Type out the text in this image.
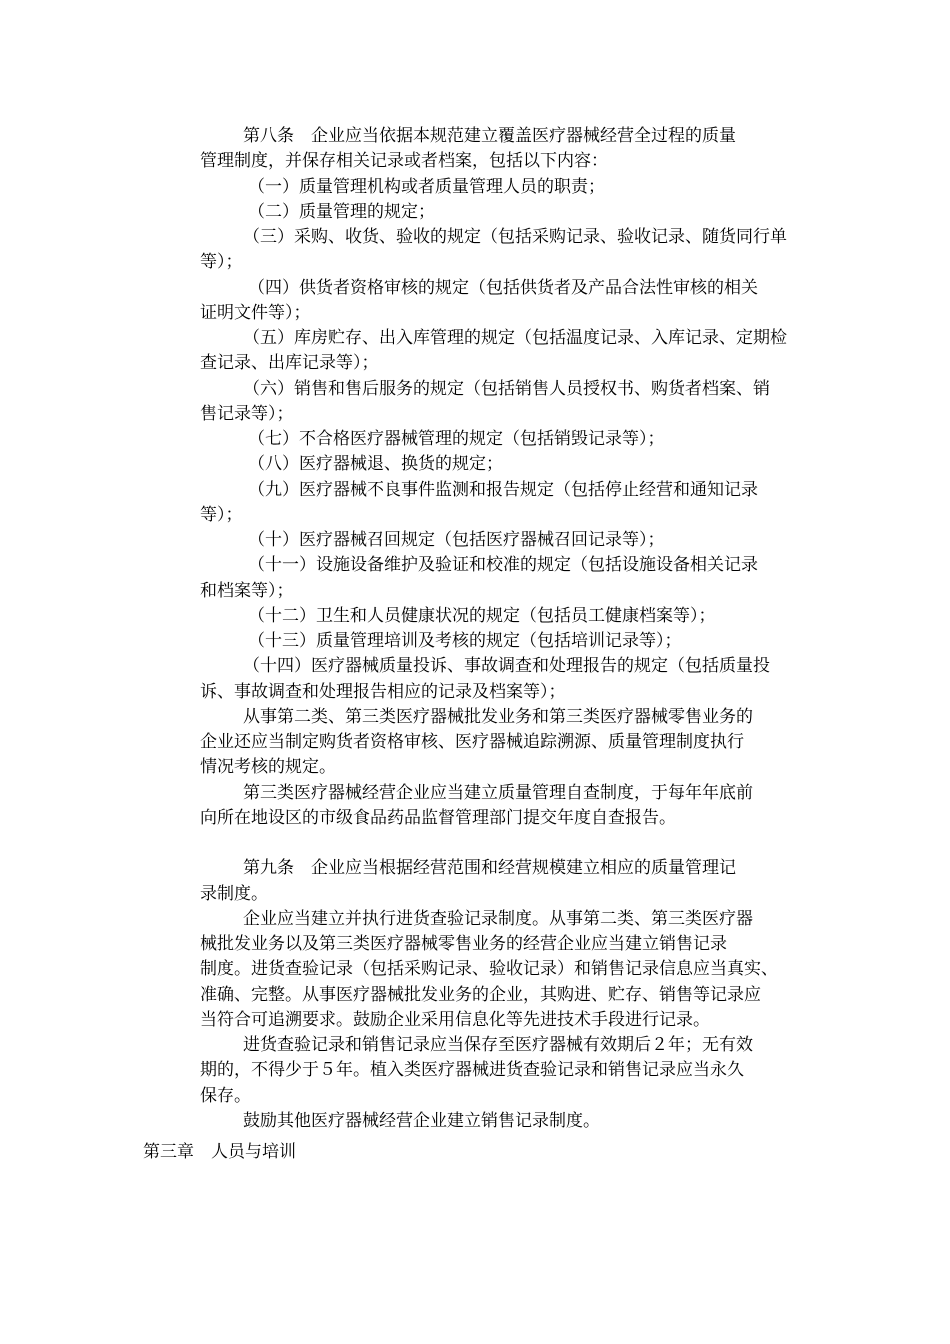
第八条　企业应当依据本规范建立覆盖医疗器械经营全过程的质量
管理制度，并保存相关记录或者档案，包括以下内容：
（一）质量管理机构或者质量管理人员的职责；
（二）质量管理的规定；
（三）采购、收货、验收的规定（包括采购记录、验收记录、随货同行单
等）；
（四）供货者资格审核的规定（包括供货者及产品合法性审核的相关
证明文件等）；
（五）库房贮存、出入库管理的规定（包括温度记录、入库记录、定期检
查记录、出库记录等）；
（六）销售和售后服务的规定（包括销售人员授权书、购货者档案、销
售记录等）；
（七）不合格医疗器械管理的规定（包括销毁记录等）；
（八）医疗器械退、换货的规定；
（九）医疗器械不良事件监测和报告规定（包括停止经营和通知记录
等）；
（十）医疗器械召回规定（包括医疗器械召回记录等）；
（十一）设施设备维护及验证和校准的规定（包括设施设备相关记录
和档案等）；
（十二）卫生和人员健康状况的规定（包括员工健康档案等）；
（十三）质量管理培训及考核的规定（包括培训记录等）；
（十四）医疗器械质量投诉、事故调查和处理报告的规定（包括质量投
诉、事故调查和处理报告相应的记录及档案等）；
从事第二类、第三类医疗器械批发业务和第三类医疗器械零售业务的
企业还应当制定购货者资格审核、医疗器械追踪溯源、质量管理制度执行
情况考核的规定。
第三类医疗器械经营企业应当建立质量管理自查制度，于每年年底前
向所在地设区的市级食品药品监督管理部门提交年度自查报告。
第九条　企业应当根据经营范围和经营规模建立相应的质量管理记
录制度。
企业应当建立并执行进货查验记录制度。从事第二类、第三类医疗器
械批发业务以及第三类医疗器械零售业务的经营企业应当建立销售记录
制度。进货查验记录（包括采购记录、验收记录）和销售记录信息应当真实、
准确、完整。从事医疗器械批发业务的企业，其购进、贮存、销售等记录应
当符合可追溯要求。鼓励企业采用信息化等先进技术手段进行记录。
进货查验记录和销售记录应当保存至医疗器械有效期后２年；无有效
期的，不得少于５年。植入类医疗器械进货查验记录和销售记录应当永久
保存。
鼓励其他医疗器械经营企业建立销售记录制度。
第三章　人员与培训
